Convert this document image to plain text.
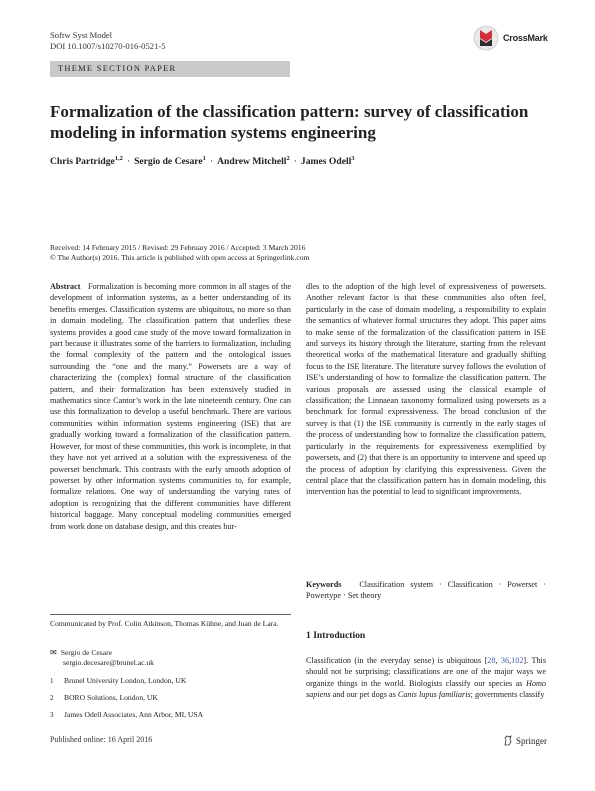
Softw Syst Model
DOI 10.1007/s10270-016-0521-5
CrossMark
THEME SECTION PAPER
Formalization of the classification pattern: survey of classification modeling in information systems engineering
Chris Partridge$^{1,2}$ · Sergio de Cesare$^1$ · Andrew Mitchell$^2$ · James Odell$^3$
Received: 14 February 2015 / Revised: 29 February 2016 / Accepted: 3 March 2016
© The Author(s) 2016. This article is published with open access at Springerlink.com
Abstract Formalization is becoming more common in all stages of the development of information systems, as a better understanding of its benefits emerges. Classification systems are ubiquitous, no more so than in domain modeling. The classification pattern that underlies these systems provides a good case study of the move toward formalization in part because it illustrates some of the barriers to formalization, including the formal complexity of the pattern and the ontological issues surrounding the “one and the many.” Powersets are a way of characterizing the (complex) formal structure of the classification pattern, and their formalization has been extensively studied in mathematics since Cantor’s work in the late nineteenth century. One can use this formalization to develop a useful benchmark. There are various communities within information systems engineering (ISE) that are gradually working toward a formalization of the classification pattern. However, for most of these communities, this work is incomplete, in that they have not yet arrived at a solution with the expressiveness of the powerset benchmark. This contrasts with the early smooth adoption of powerset by other information systems communities to, for example, formalize relations. One way of understanding the varying rates of adoption is recognizing that the different communities have different historical baggage. Many conceptual modeling communities emerged from work done on database design, and this creates hur-
dles to the adoption of the high level of expressiveness of powersets. Another relevant factor is that these communities also often feel, particularly in the case of domain modeling, a responsibility to explain the semantics of whatever formal structures they adopt. This paper aims to make sense of the formalization of the classification pattern in ISE and surveys its history through the literature, starting from the relevant theoretical works of the mathematical literature and gradually shifting focus to the ISE literature. The literature survey follows the evolution of ISE’s understanding of how to formalize the classification pattern. The various proposals are assessed using the classical example of classification; the Linnaean taxonomy formalized using powersets as a benchmark for formal expressiveness. The broad conclusion of the survey is that (1) the ISE community is currently in the early stages of the process of understanding how to formalize the classification pattern, particularly in the requirements for expressiveness exemplified by powersets, and (2) that there is an opportunity to intervene and speed up the process of adoption by clarifying this expressiveness. Given the central place that the classification pattern has in domain modeling, this intervention has the potential to lead to significant improvements.
Keywords Classification system · Classification · Powerset · Powertype · Set theory
Communicated by Prof. Colin Atkinson, Thomas Kühne, and Juan de Lara.
✉ Sergio de Cesare
sergio.decesare@brunel.ac.uk
1 Brunel University London, London, UK
2 BORO Solutions, London, UK
3 James Odell Associates, Ann Arbor, MI, USA
1 Introduction
Classification (in the everyday sense) is ubiquitous [28, 36,102]. This should not be surprising; classifications are one of the major ways we organize things in the world. Biologists classify our species as Homo sapiens and our pet dogs as Canis lupus familiaris; governments classify
Published online: 16 April 2016	Springer
